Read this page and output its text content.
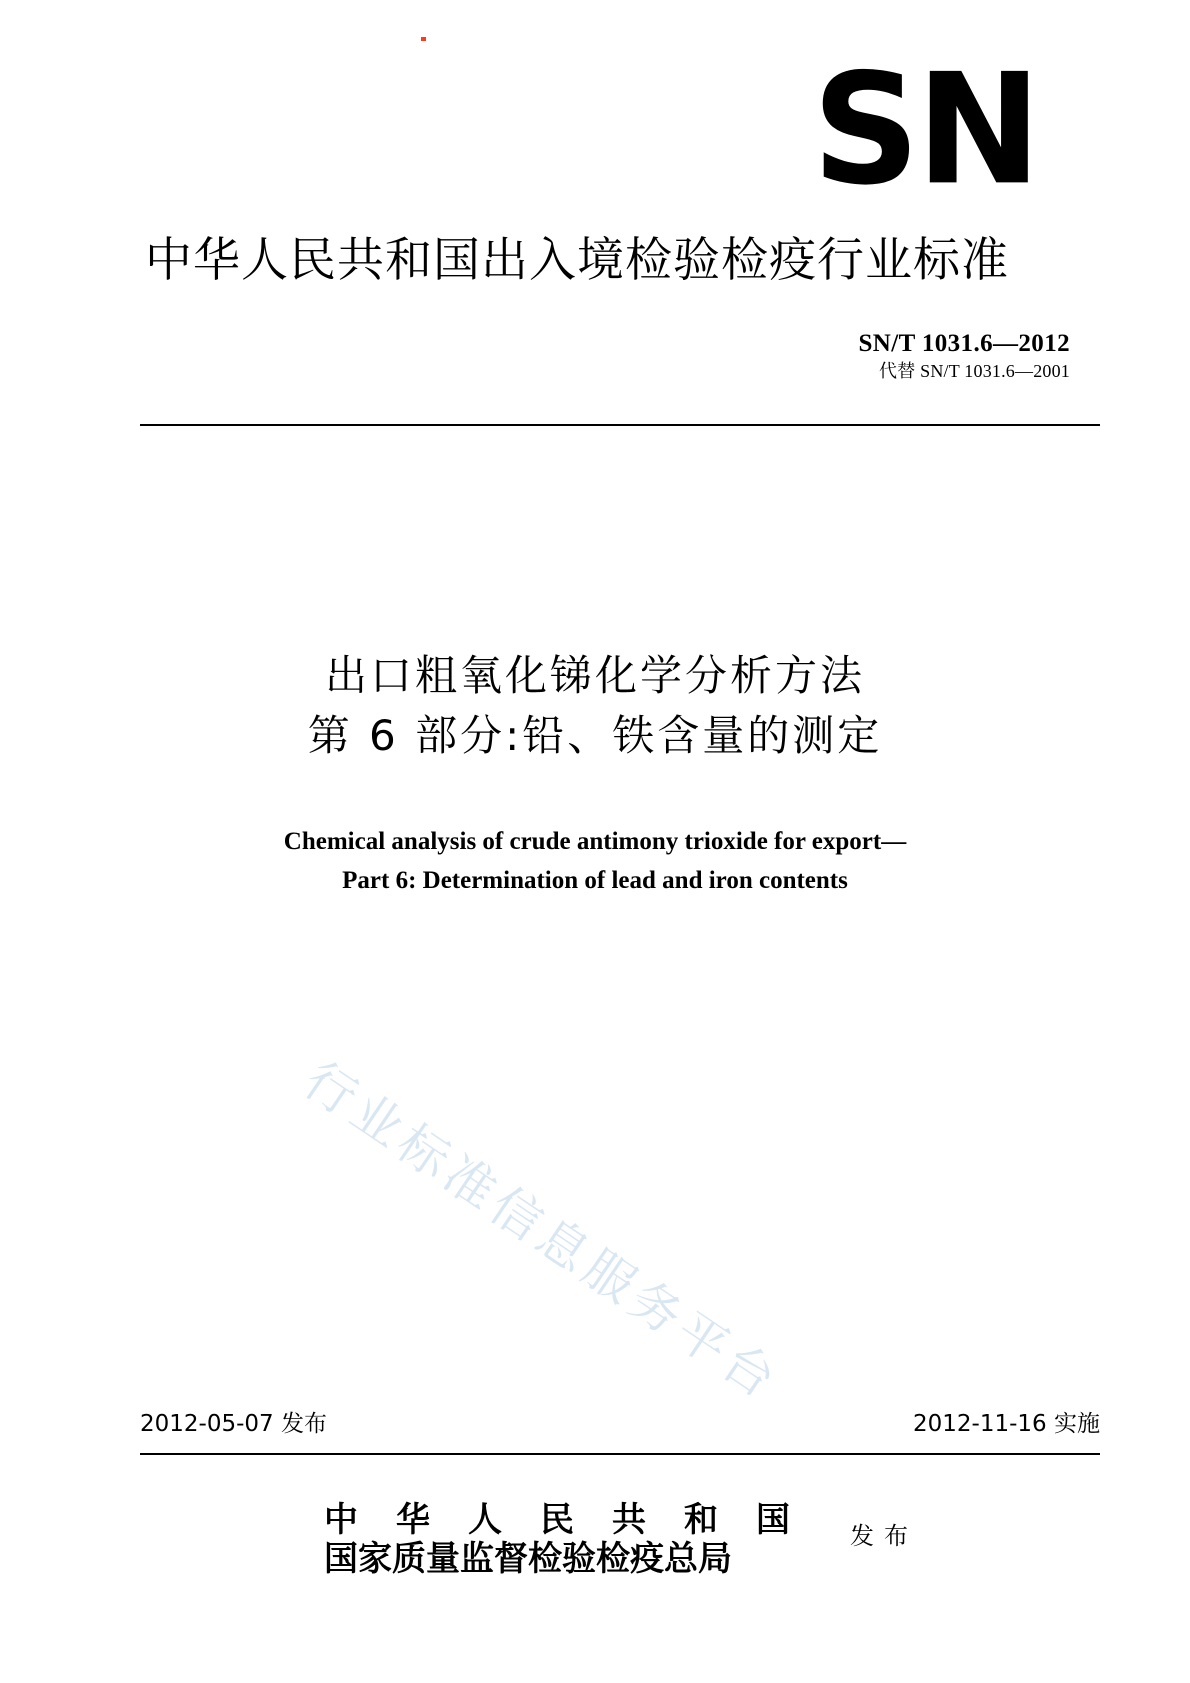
SN
中华人民共和国出入境检验检疫行业标准
SN/T 1031.6—2012
代替 SN/T 1031.6—2001
出口粗氧化锑化学分析方法
第 6 部分:铅、铁含量的测定
Chemical analysis of crude antimony trioxide for export—
Part 6: Determination of lead and iron contents
行业标准信息服务平台
2012-05-07 发布	2012-11-16 实施
中华人民共和国
国家质量监督检验检疫总局
发布
